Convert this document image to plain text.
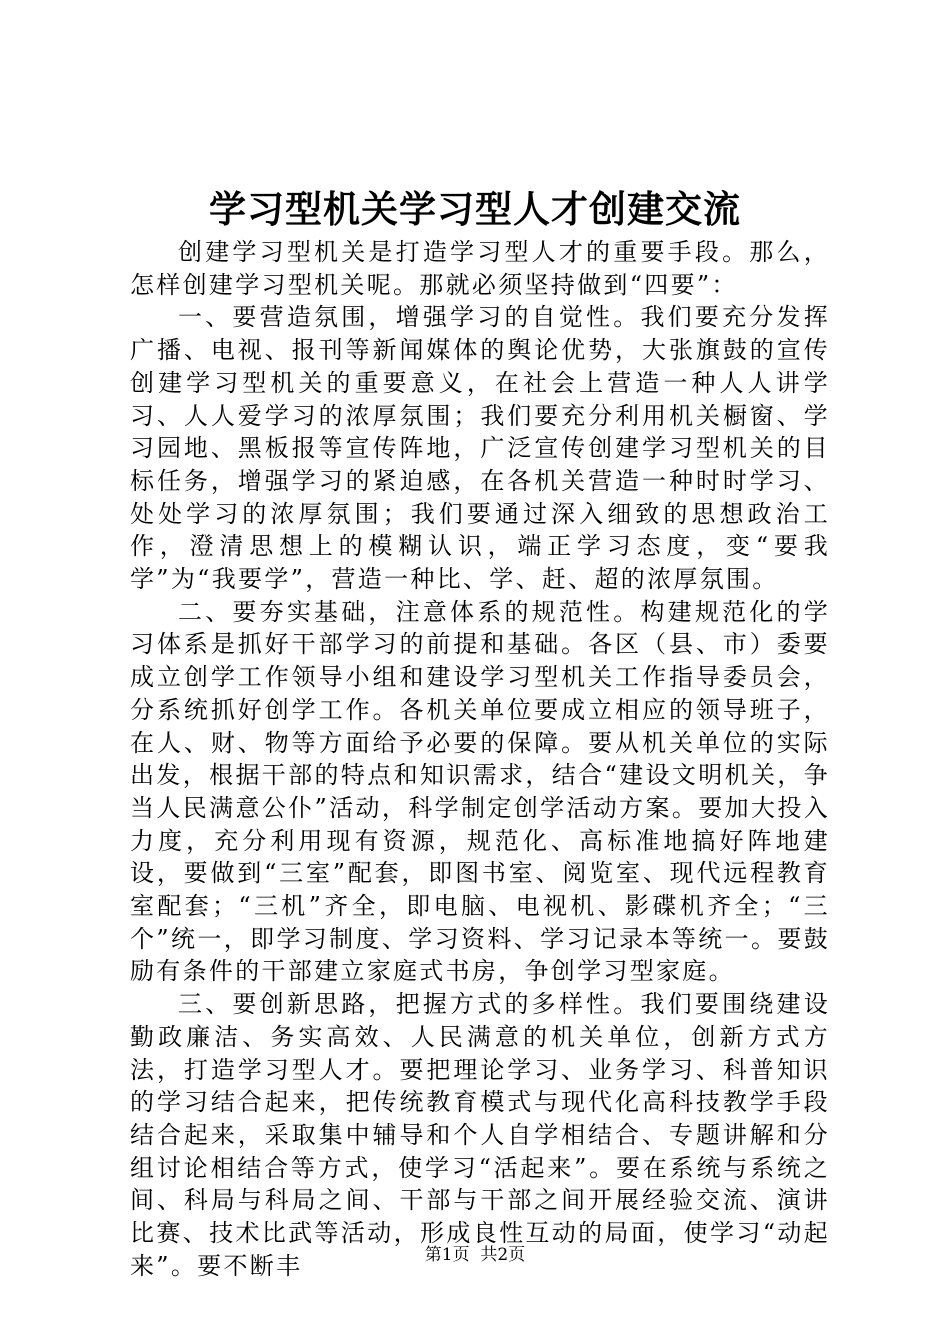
学习型机关学习型人才创建交流

创建学习型机关是打造学习型人才的重要手段。那么，怎样创建学习型机关呢。那就必须坚持做到“四要”：

一、要营造氛围，增强学习的自觉性。我们要充分发挥广播、电视、报刊等新闻媒体的舆论优势，大张旗鼓的宣传创建学习型机关的重要意义，在社会上营造一种人人讲学习、人人爱学习的浓厚氛围；我们要充分利用机关橱窗、学习园地、黑板报等宣传阵地，广泛宣传创建学习型机关的目标任务，增强学习的紧迫感，在各机关营造一种时时学习、处处学习的浓厚氛围；我们要通过深入细致的思想政治工作，澄清思想上的模糊认识，端正学习态度，变“要我学”为“我要学”，营造一种比、学、赶、超的浓厚氛围。

二、要夯实基础，注意体系的规范性。构建规范化的学习体系是抓好干部学习的前提和基础。各区（县、市）委要成立创学工作领导小组和建设学习型机关工作指导委员会，分系统抓好创学工作。各机关单位要成立相应的领导班子，在人、财、物等方面给予必要的保障。要从机关单位的实际出发，根据干部的特点和知识需求，结合“建设文明机关，争当人民满意公仆”活动，科学制定创学活动方案。要加大投入力度，充分利用现有资源，规范化、高标准地搞好阵地建设，要做到“三室”配套，即图书室、阅览室、现代远程教育室配套；“三机”齐全，即电脑、电视机、影碟机齐全；“三个”统一，即学习制度、学习资料、学习记录本等统一。要鼓励有条件的干部建立家庭式书房，争创学习型家庭。

三、要创新思路，把握方式的多样性。我们要围绕建设勤政廉洁、务实高效、人民满意的机关单位，创新方式方法，打造学习型人才。要把理论学习、业务学习、科普知识的学习结合起来，把传统教育模式与现代化高科技教学手段结合起来，采取集中辅导和个人自学相结合、专题讲解和分组讨论相结合等方式，使学习“活起来”。要在系统与系统之间、科局与科局之间、干部与干部之间开展经验交流、演讲比赛、技术比武等活动，形成良性互动的局面，使学习“动起来”。要不断丰	第1页  共2页
